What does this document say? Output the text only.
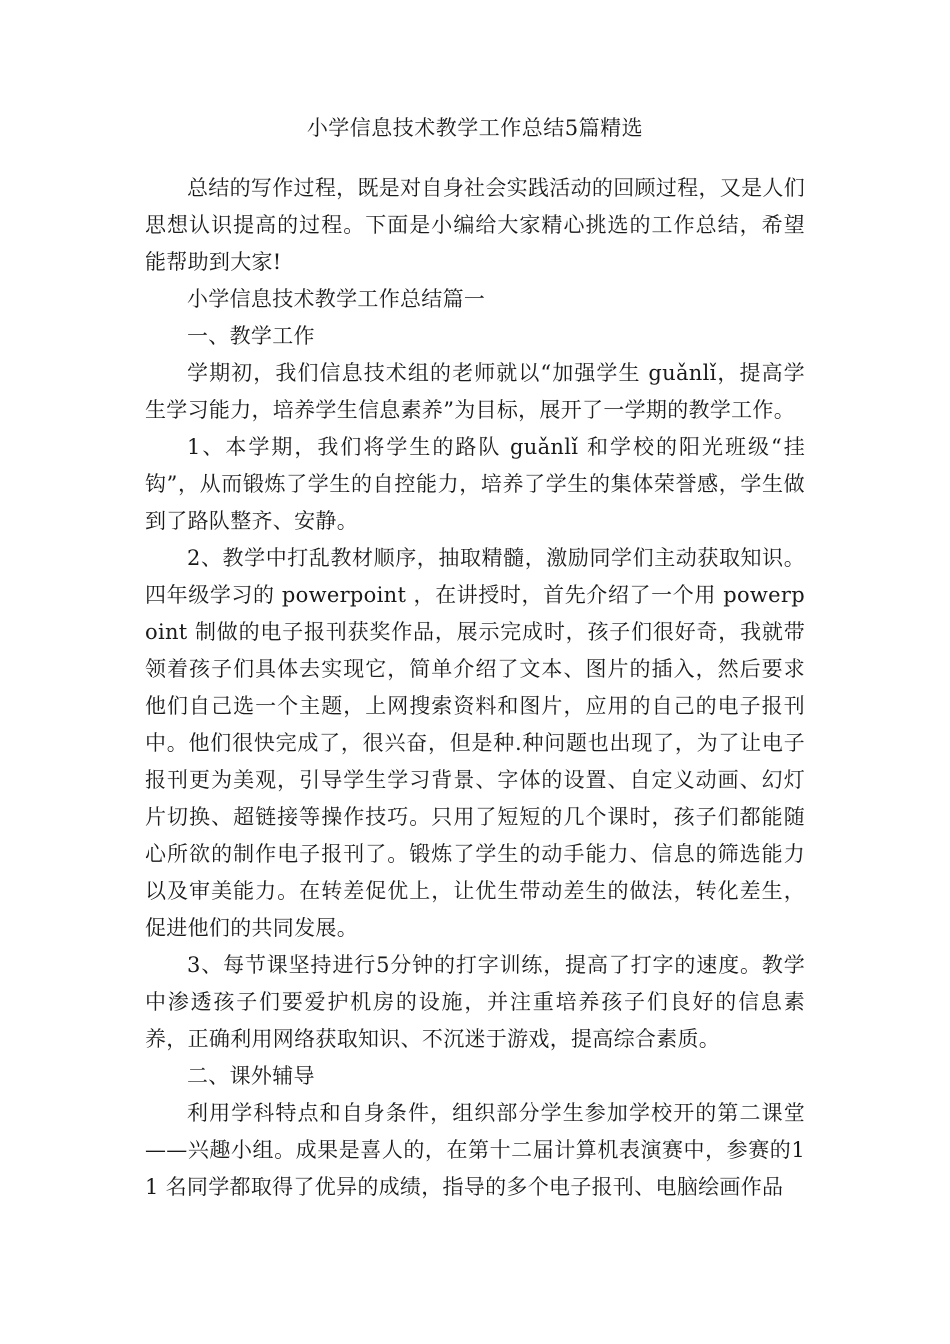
小学信息技术教学工作总结5篇精选

总结的写作过程，既是对自身社会实践活动的回顾过程，又是人们思想认识提高的过程。下面是小编给大家精心挑选的工作总结，希望能帮助到大家!

小学信息技术教学工作总结篇一

一、教学工作

学期初，我们信息技术组的老师就以“加强学生 guǎnlǐ，提高学生学习能力，培养学生信息素养”为目标，展开了一学期的教学工作。

1、本学期，我们将学生的路队 guǎnlǐ 和学校的阳光班级“挂钩”，从而锻炼了学生的自控能力，培养了学生的集体荣誉感，学生做到了路队整齐、安静。

2、教学中打乱教材顺序，抽取精髓，激励同学们主动获取知识。四年级学习的 powerpoint ，在讲授时，首先介绍了一个用 powerpoint 制做的电子报刊获奖作品，展示完成时，孩子们很好奇，我就带领着孩子们具体去实现它，简单介绍了文本、图片的插入，然后要求他们自己选一个主题，上网搜索资料和图片，应用的自己的电子报刊中。他们很快完成了，很兴奋，但是种.种问题也出现了，为了让电子报刊更为美观，引导学生学习背景、字体的设置、自定义动画、幻灯片切换、超链接等操作技巧。只用了短短的几个课时，孩子们都能随心所欲的制作电子报刊了。锻炼了学生的动手能力、信息的筛选能力以及审美能力。在转差促优上，让优生带动差生的做法，转化差生，促进他们的共同发展。

3、每节课坚持进行5分钟的打字训练，提高了打字的速度。教学中渗透孩子们要爱护机房的设施，并注重培养孩子们良好的信息素养，正确利用网络获取知识、不沉迷于游戏，提高综合素质。

二、课外辅导

利用学科特点和自身条件，组织部分学生参加学校开的第二课堂——兴趣小组。成果是喜人的，在第十二届计算机表演赛中，参赛的11 名同学都取得了优异的成绩，指导的多个电子报刊、电脑绘画作品
